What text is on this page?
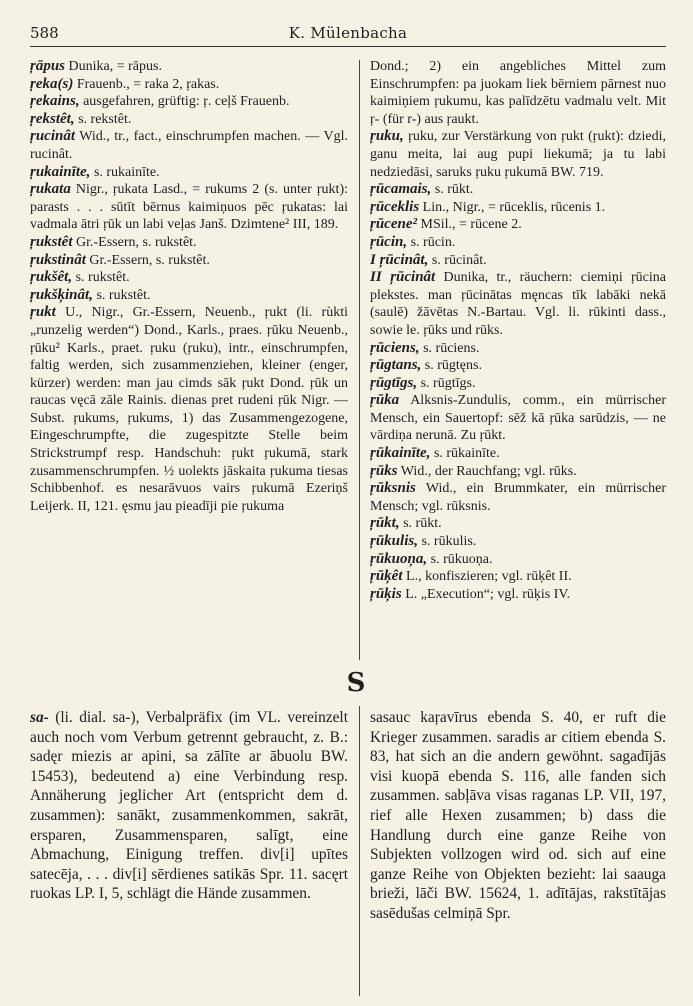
588	K. Mülenbacha
ŗāpus Dunika, = rāpus.
ŗeka(s) Frauenb., = raka 2, ŗakas.
ŗekains, ausgefahren, grüftig: ŗ. ceļš Frauenb.
ŗekstêt, s. rekstêt.
ŗucinât Wid., tr., fact., einschrumpfen machen. — Vgl. rucinât.
ŗukainīte, s. rukainīte.
ŗukata Nigr., ŗukata Lasd., = rukums 2 (s. unter ŗukt): parasts . . . sūtīt bērnus kaimiņuos pēc ŗukatas: lai vadmala ātri ŗūk un labi veļas Janš. Dzimtene² III, 189.
ŗukstêt Gr.-Essern, s. rukstêt.
ŗukstinât Gr.-Essern, s. rukstêt.
ŗukšêt, s. rukstêt.
ŗukšķinât, s. rukstêt.
ŗukt U., Nigr., Gr.-Essern, Neuenb., ŗukt (li. rùkti „runzelig werden“) Dond., Karls., praes. ŗūku Neuenb., ŗūku² Karls., praet. ŗuku (ŗuku), intr., einschrumpfen, faltig werden, sich zusammenziehen, kleiner (enger, kürzer) werden: man jau cimds sāk ŗukt Dond. ŗūk un raucas vęcā zāle Rainis. dienas pret rudeni ŗūk Nigr. — Subst. ŗukums, ŗukums, 1) das Zusammengezogene, Eingeschrumpfte, die zugespitzte Stelle beim Strickstrumpf resp. Handschuh: ŗukt ŗukumā, stark zusammenschrumpfen. ½ uolekts jāskaita ŗukuma tiesas Schibbenhof. es nesarāvuos vairs ŗukumā Ezeriņš Leijerk. II, 121. ęsmu jau pieadīji pie ŗukuma
Dond.; 2) ein angebliches Mittel zum Einschrumpfen: pa juokam liek bērniem pārnest nuo kaimiņiem ŗukumu, kas palīdzētu vadmalu velt. Mit ŗ- (für r-) aus ŗaukt.
ŗuku, ŗuku, zur Verstärkung von ŗukt (ŗukt): dziedi, ganu meita, lai aug pupi liekumā; ja tu labi nedziedāsi, saruks ŗuku ŗukumā BW. 719.
ŗūcamais, s. rūkt.
ŗūceklis Lin., Nigr., = rūceklis, rūcenis 1.
ŗūcene² MSil., = rūcene 2.
ŗūcin, s. rūcin.
I ŗūcinât, s. rūcinât.
II ŗūcinât Dunika, tr., räuchern: ciemiņi ŗūcina plekstes. man ŗūcinātas męncas tīk labāki nekā (saulē) žāvētas N.-Bartau. Vgl. li. rūkinti dass., sowie le. ŗūks und rūks.
ŗūciens, s. rūciens.
ŗūgtans, s. rūgtęns.
ŗūgtīgs, s. rūgtīgs.
ŗūka Alksnis-Zundulis, comm., ein mürrischer Mensch, ein Sauertopf: sēž kā ŗūka sarūdzis, — ne vārdiņa nerunā. Zu ŗūkt.
ŗūkainīte, s. rūkainīte.
ŗūks Wid., der Rauchfang; vgl. rūks.
ŗūksnis Wid., ein Brummkater, ein mürrischer Mensch; vgl. rūksnis.
ŗūkt, s. rūkt.
ŗūkulis, s. rūkulis.
ŗūkuoņa, s. rūkuoņa.
ŗūķêt L., konfiszieren; vgl. rūķêt II.
ŗūķis L. „Execution“; vgl. rūķis IV.
S
sa- (li. dial. sa-), Verbalpräfix (im VL. vereinzelt auch noch vom Verbum getrennt gebraucht, z. B.: sadęr miezis ar apini, sa zālīte ar ābuolu BW. 15453), bedeutend a) eine Verbindung resp. Annäherung jeglicher Art (entspricht dem d. zusammen): sanākt, zusammenkommen, sakrāt, ersparen, Zusammensparen, salīgt, eine Abmachung, Einigung treffen. div[i] upītes satecēja, . . . div[i] sērdienes satikās Spr. 11. sacęrt ruokas LP. I, 5, schlägt die Hände zusammen.
sasauc kaŗavīrus ebenda S. 40, er ruft die Krieger zusammen. saradis ar citiem ebenda S. 83, hat sich an die andern gewöhnt. sagadījās visi kuopā ebenda S. 116, alle fanden sich zusammen. sabļāva visas raganas LP. VII, 197, rief alle Hexen zusammen; b) dass die Handlung durch eine ganze Reihe von Subjekten vollzogen wird od. sich auf eine ganze Reihe von Objekten bezieht: lai saauga brieži, lāči BW. 15624, 1. adītājas, rakstītājas sasēdušas celmiņā Spr.
